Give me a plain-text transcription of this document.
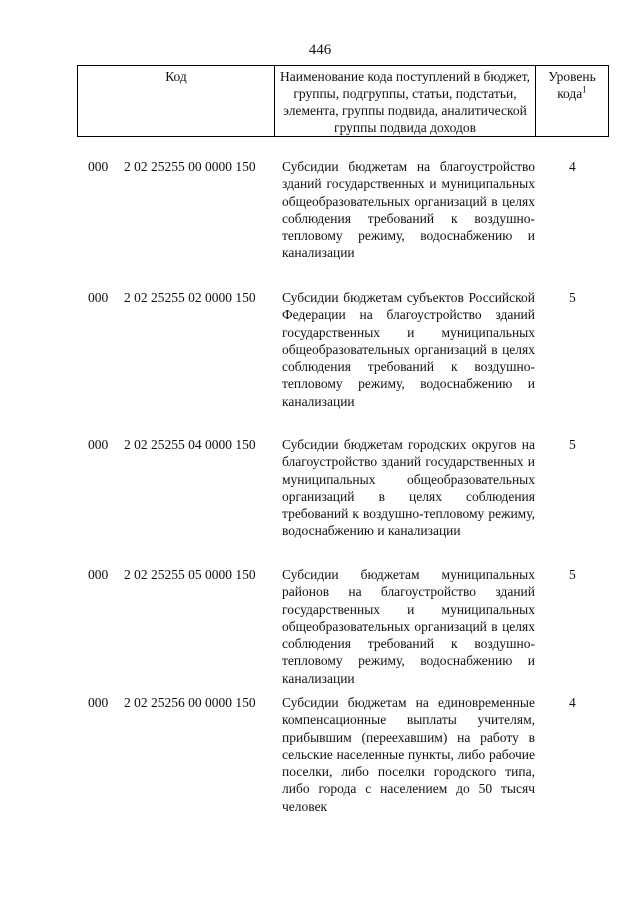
446
Код	Наименование кода поступлений в бюджет, группы, подгруппы, статьи, подстатьи, элемента, группы подвида, аналитической группы подвида доходов
Уровень кода$^1$
000 2 02 25255 00 0000 150 Субсидии бюджетам на благоустройство зданий государственных и муниципальных общеобразовательных организаций в целях соблюдения требований к воздушно-тепловому режиму, водоснабжению и канализации
4
000 2 02 25255 02 0000 150 Субсидии бюджетам субъектов Российской Федерации на благоустройство зданий государственных и муниципальных общеобразовательных организаций в целях соблюдения требований к воздушно-тепловому режиму, водоснабжению и канализации
5
000 2 02 25255 04 0000 150 Субсидии бюджетам городских округов на благоустройство зданий государственных и муниципальных общеобразовательных организаций в целях соблюдения требований к воздушно-тепловому режиму, водоснабжению и канализации
5
000 2 02 25255 05 0000 150 Субсидии бюджетам муниципальных районов на благоустройство зданий государственных и муниципальных общеобразовательных организаций в целях соблюдения требований к воздушно-тепловому режиму, водоснабжению и канализации
5
000 2 02 25256 00 0000 150 Субсидии бюджетам на единовременные компенсационные выплаты учителям, прибывшим (переехавшим) на работу в сельские населенные пункты, либо рабочие поселки, либо поселки городского типа, либо города с населением до 50 тысяч человек
4
